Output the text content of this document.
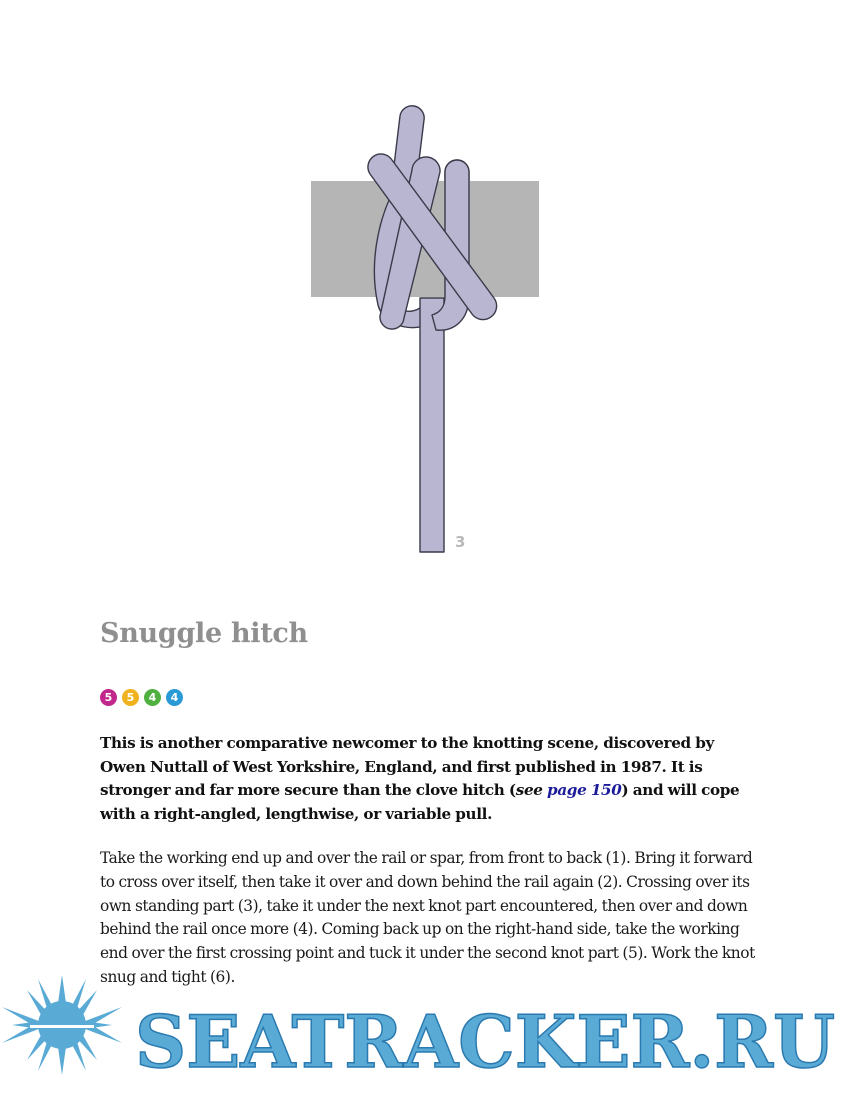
3
Snuggle hitch
5	5	4	4

This is another comparative newcomer to the knotting scene, discovered by Owen Nuttall of West Yorkshire, England, and first published in 1987. It is stronger and far more secure than the clove hitch (see page 150) and will cope with a right-angled, lengthwise, or variable pull.

Take the working end up and over the rail or spar, from front to back (1). Bring it forward to cross over itself, then take it over and down behind the rail again (2). Crossing over its own standing part (3), take it under the next knot part encountered, then over and down behind the rail once more (4). Coming back up on the right-hand side, take the working end over the first crossing point and tuck it under the second knot part (5). Work the knot snug and tight (6).

SEATRACKER.RU
